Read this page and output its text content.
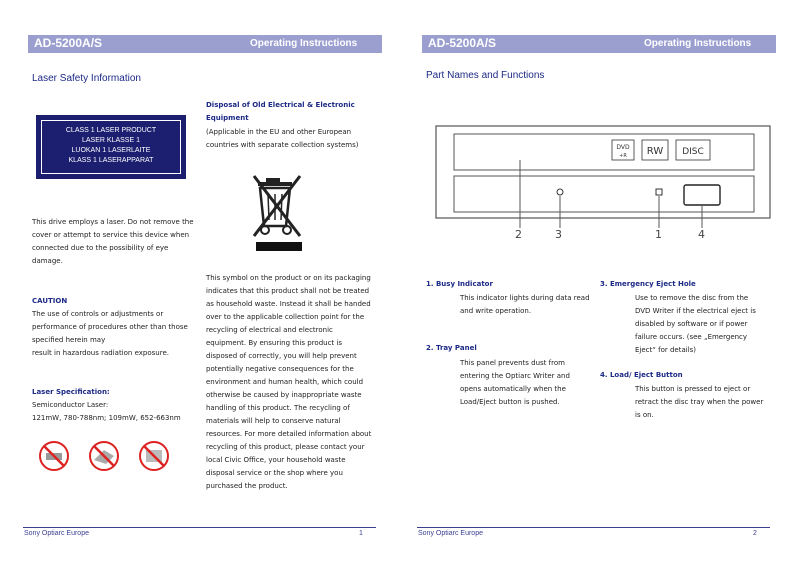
AD-5200A/S	Operating Instructions
Laser Safety Information
CLASS 1 LASER PRODUCT
LASER KLASSE 1
LUOKAN 1 LASERLAITE
KLASS 1 LASERAPPARAT
This drive employs a laser. Do not remove the
cover or attempt to service this device when
connected due to the possibility of eye
damage.
CAUTION
The use of controls or adjustments or
performance of procedures other than those
specified herein may
result in hazardous radiation exposure.
Laser Specification:
Semiconductor Laser:
121mW, 780-788nm; 109mW, 652-663nm
Disposal of Old Electrical & Electronic
Equipment
(Applicable in the EU and other European
countries with separate collection systems)
This symbol on the product or on its packaging
indicates that this product shall not be treated
as household waste. Instead it shall be handed
over to the applicable collection point for the
recycling of electrical and electronic
equipment. By ensuring this product is
disposed of correctly, you will help prevent
potentially negative consequences for the
environment and human health, which could
otherwise be caused by inappropriate waste
handling of this product. The recycling of
materials will help to conserve natural
resources. For more detailed information about
recycling of this product, please contact your
local Civic Office, your household waste
disposal service or the shop where you
purchased the product.
Sony Optiarc Europe	1
AD-5200A/S	Operating Instructions
Part Names and Functions
DVD
+R RW DISC
2	3	1	4
1. Busy Indicator
This indicator lights during data read
and write operation.
2. Tray Panel
This panel prevents dust from
entering the Optiarc Writer and
opens automatically when the
Load/Eject button is pushed.
3. Emergency Eject Hole
Use to remove the disc from the
DVD Writer if the electrical eject is
disabled by software or if power
failure occurs. (see „Emergency
Eject“ for details)
4. Load/ Eject Button
This button is pressed to eject or
retract the disc tray when the power
is on.
Sony Optiarc Europe	2
